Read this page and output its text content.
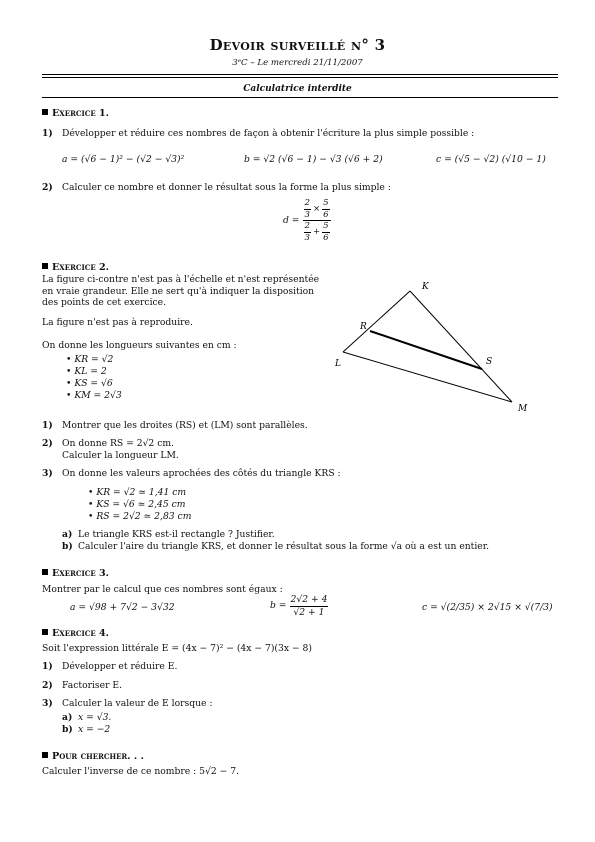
Devoir surveillé n° 3
3ᵉC – Le mercredi 21/11/2007
Calculatrice interdite
Exercice 1.
1) Développer et réduire ces nombres de façon à obtenir l'écriture la plus simple possible :
a = (√6 − 1)² − (√2 − √3)²	b = √2 (√6 − 1) − √3 (√6 + 2)	c = (√5 − √2) (√10 − 1)
2) Calculer ce nombre et donner le résultat sous la forme la plus simple :
$d = \frac{\frac{2}{3} \times \frac{5}{6}}{\frac{2}{3} + \frac{5}{6}}$
Exercice 2.
La figure ci-contre n'est pas à l'échelle et n'est représentée en vraie grandeur. Elle ne sert qu'à indiquer la disposition des points de cet exercice.
La figure n'est pas à reproduire.
On donne les longueurs suivantes en cm :
• KR = √2
• KL = 2
• KS = √6
• KM = 2√3
K
R
S
L
M
1) Montrer que les droites (RS) et (LM) sont parallèles.
2) On donne RS = 2√2 cm.
Calculer la longueur LM.
3) On donne les valeurs aprochées des côtés du triangle KRS :
• KR = √2 ≃ 1,41 cm
• KS = √6 ≃ 2,45 cm
• RS = 2√2 ≃ 2,83 cm
a) Le triangle KRS est-il rectangle ? Justifier.
b) Calculer l'aire du triangle KRS, et donner le résultat sous la forme √a où a est un entier.
Exercice 3.
Montrer par le calcul que ces nombres sont égaux :
a = √98 + 7√2 − 3√32	$b = \frac{2√2 + 4}{√2 + 1}$	c = √(2/35) × 2√15 × √(7/3)
Exercice 4.
Soit l'expression littérale E = (4x − 7)² − (4x − 7)(3x − 8)
1) Développer et réduire E.
2) Factoriser E.
3) Calculer la valeur de E lorsque :
a) x = √3.
b) x = −2
Pour chercher. . .
Calculer l'inverse de ce nombre : 5√2 − 7.
